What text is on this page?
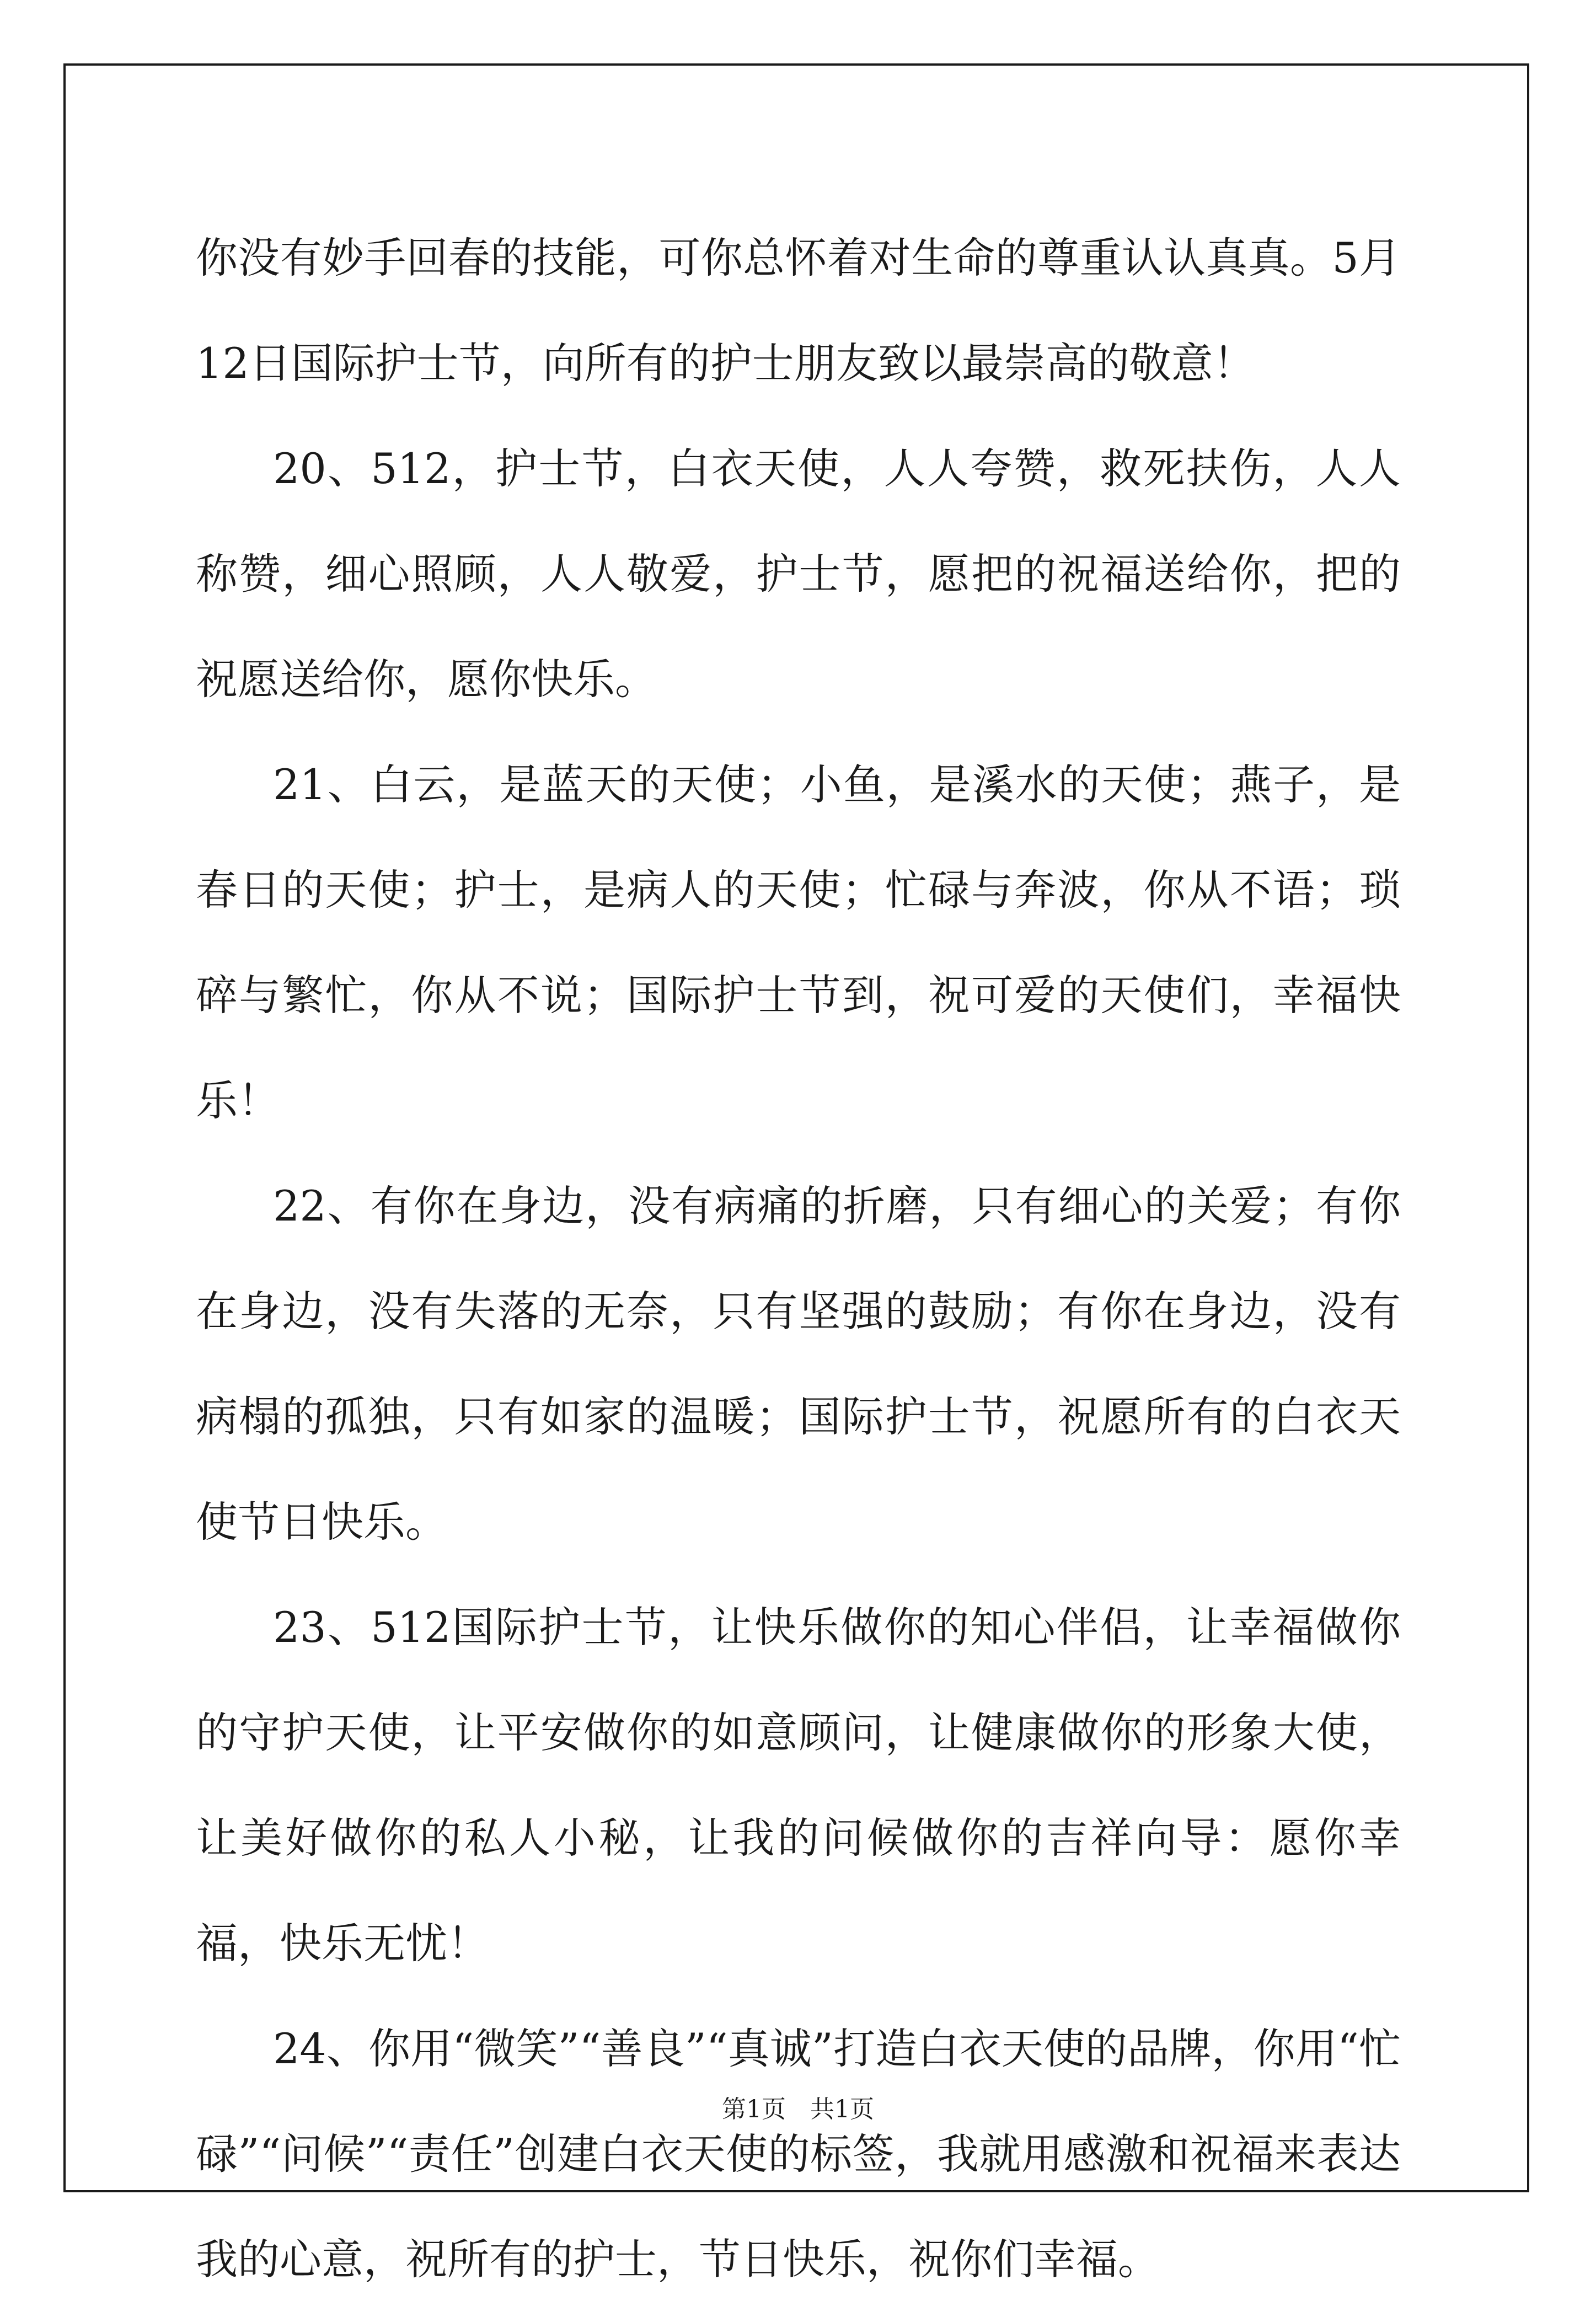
你没有妙手回春的技能，可你总怀着对生命的尊重认认真真。5月12日国际护士节，向所有的护士朋友致以最崇高的敬意！

20、512，护士节，白衣天使，人人夸赞，救死扶伤，人人称赞，细心照顾，人人敬爱，护士节，愿把的祝福送给你，把的祝愿送给你，愿你快乐。

21、白云，是蓝天的天使；小鱼，是溪水的天使；燕子，是春日的天使；护士，是病人的天使；忙碌与奔波，你从不语；琐碎与繁忙，你从不说；国际护士节到，祝可爱的天使们，幸福快乐！

22、有你在身边，没有病痛的折磨，只有细心的关爱；有你在身边，没有失落的无奈，只有坚强的鼓励；有你在身边，没有病榻的孤独，只有如家的温暖；国际护士节，祝愿所有的白衣天使节日快乐。

23、512国际护士节，让快乐做你的知心伴侣，让幸福做你的守护天使，让平安做你的如意顾问，让健康做你的形象大使，让美好做你的私人小秘，让我的问候做你的吉祥向导：愿你幸福，快乐无忧！

24、你用“微笑”“善良”“真诚”打造白衣天使的品牌，你用“忙碌”“问候”“责任”创建白衣天使的标签，我就用感激和祝福来表达我的心意，祝所有的护士，节日快乐，祝你们幸福。

第1页 共1页
